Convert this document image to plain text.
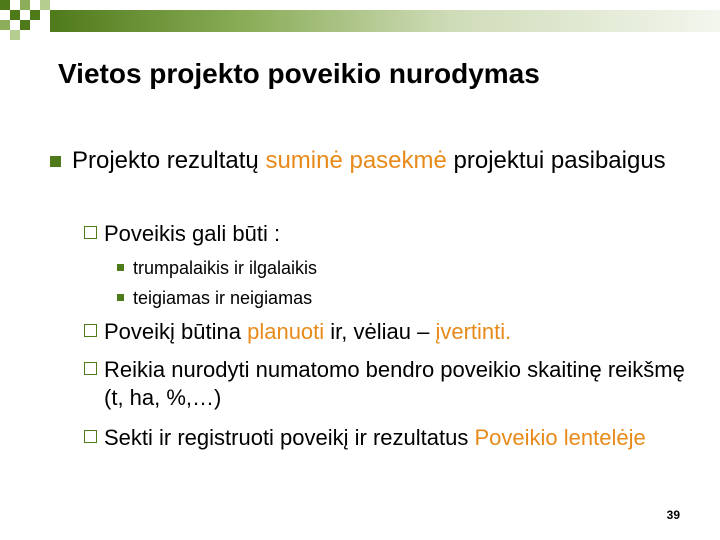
Vietos projekto poveikio nurodymas
Projekto rezultatų suminė pasekmė projektui pasibaigus
Poveikis gali būti :
trumpalaikis ir ilgalaikis
teigiamas ir neigiamas
Poveikį būtina planuoti ir, vėliau – įvertinti.
Reikia nurodyti numatomo bendro poveikio skaitinę reikšmę (t, ha, %,…)
Sekti ir registruoti poveikį ir rezultatus Poveikio lentelėje
39
